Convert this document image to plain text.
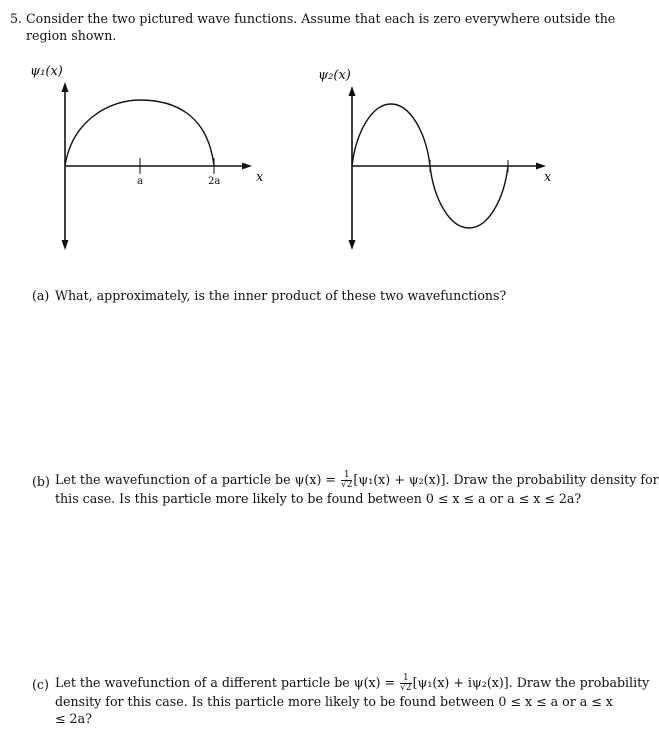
5. Consider the two pictured wave functions. Assume that each is zero everywhere outside the region shown.
ψ₁(x)
a	2a	x
ψ₂(x)
x
(a) What, approximately, is the inner product of these two wavefunctions?
(b) Let the wavefunction of a particle be $\psi(x) = \frac{1}{√2} [\psi_1(x) + \psi_2(x)]$. Draw the probability density for
this case. Is this particle more likely to be found between 0 ≤ x ≤ a or a ≤ x ≤ 2a?
(c) Let the wavefunction of a different particle be $\psi(x) = \frac{1}{√2} [\psi_1(x) + i\psi_2(x)]$. Draw the probability
density for this case. Is this particle more likely to be found between 0 ≤ x ≤ a or a ≤ x ≤ 2a?
